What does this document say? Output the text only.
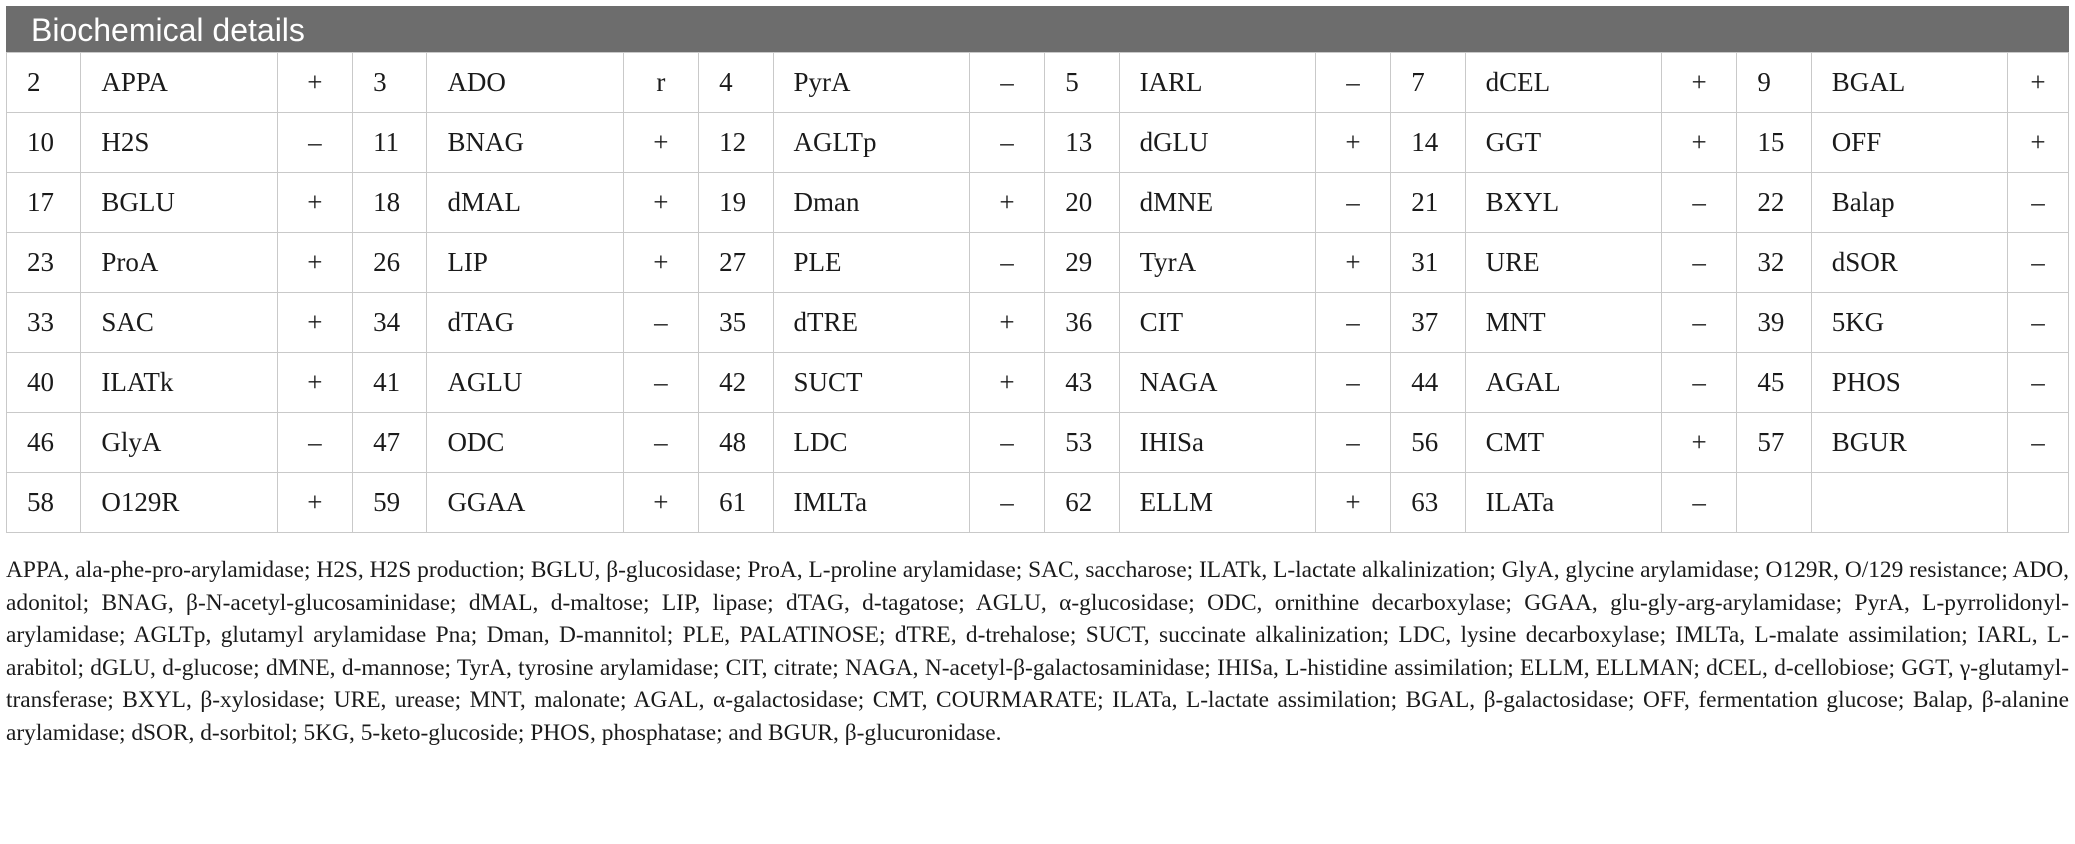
Biochemical details
2	APPA	+	3	ADO	r	4	PyrA	–	5	IARL	–	7	dCEL	+	9	BGAL	+
10	H2S	–	11	BNAG	+	12	AGLTp	–	13	dGLU	+	14	GGT	+	15	OFF	+
17	BGLU	+	18	dMAL	+	19	Dman	+	20	dMNE	–	21	BXYL	–	22	Balap	–
23	ProA	+	26	LIP	+	27	PLE	–	29	TyrA	+	31	URE	–	32	dSOR	–
33	SAC	+	34	dTAG	–	35	dTRE	+	36	CIT	–	37	MNT	–	39	5KG	–
40	ILATk	+	41	AGLU	–	42	SUCT	+	43	NAGA	–	44	AGAL	–	45	PHOS	–
46	GlyA	–	47	ODC	–	48	LDC	–	53	IHISa	–	56	CMT	+	57	BGUR	–
58	O129R	+	59	GGAA	+	61	IMLTa	–	62	ELLM	+	63	ILATa	–			
APPA, ala-phe-pro-arylamidase; H2S, H2S production; BGLU, β-glucosidase; ProA, L-proline arylamidase; SAC, saccharose; ILATk, L-lactate alkalinization; GlyA, glycine arylamidase; O129R, O/129 resistance; ADO, adonitol; BNAG, β-N-acetyl-glucosaminidase; dMAL, d-maltose; LIP, lipase; dTAG, d-tagatose; AGLU, α-glucosidase; ODC, ornithine decarboxylase; GGAA, glu-gly-arg-arylamidase; PyrA, L-pyrrolidonyl-arylamidase; AGLTp, glutamyl arylamidase Pna; Dman, D-mannitol; PLE, PALATINOSE; dTRE, d-trehalose; SUCT, succinate alkalinization; LDC, lysine decarboxylase; IMLTa, L-malate assimilation; IARL, L-arabitol; dGLU, d-glucose; dMNE, d-mannose; TyrA, tyrosine arylamidase; CIT, citrate; NAGA, N-acetyl-β-galactosaminidase; IHISa, L-histidine assimilation; ELLM, ELLMAN; dCEL, d-cellobiose; GGT, γ-glutamyl-transferase; BXYL, β-xylosidase; URE, urease; MNT, malonate; AGAL, α-galactosidase; CMT, COURMARATE; ILATa, L-lactate assimilation; BGAL, β-galactosidase; OFF, fermentation glucose; Balap, β-alanine arylamidase; dSOR, d-sorbitol; 5KG, 5-keto-glucoside; PHOS, phosphatase; and BGUR, β-glucuronidase.
